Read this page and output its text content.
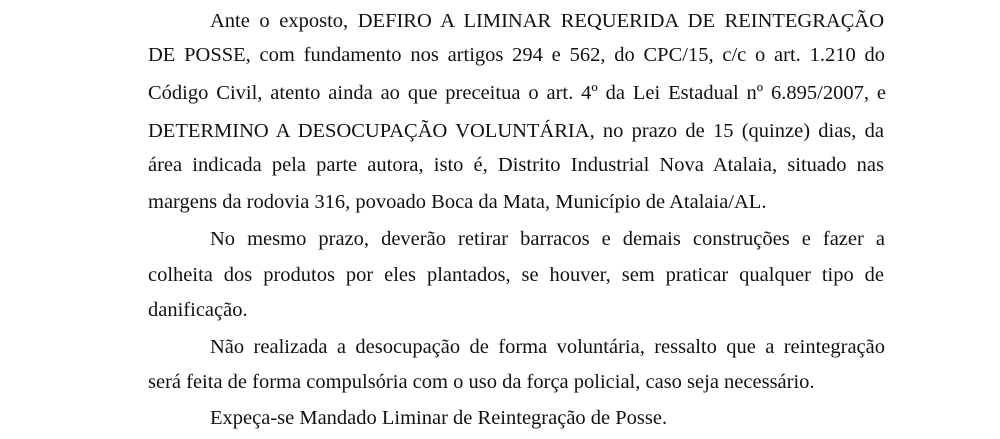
Ante o exposto, DEFIRO A LIMINAR REQUERIDA DE REINTEGRAÇÃO
DE POSSE, com fundamento nos artigos 294 e 562, do CPC/15, c/c o art. 1.210 do
Código Civil, atento ainda ao que preceitua o art. 4º da Lei Estadual nº 6.895/2007, e
DETERMINO A DESOCUPAÇÃO VOLUNTÁRIA, no prazo de 15 (quinze) dias, da
área indicada pela parte autora, isto é, Distrito Industrial Nova Atalaia, situado nas
margens da rodovia 316, povoado Boca da Mata, Município de Atalaia/AL.
No mesmo prazo, deverão retirar barracos e demais construções e fazer a
colheita dos produtos por eles plantados, se houver, sem praticar qualquer tipo de
danificação.
Não realizada a desocupação de forma voluntária, ressalto que a reintegração
será feita de forma compulsória com o uso da força policial, caso seja necessário.
Expeça-se Mandado Liminar de Reintegração de Posse.
